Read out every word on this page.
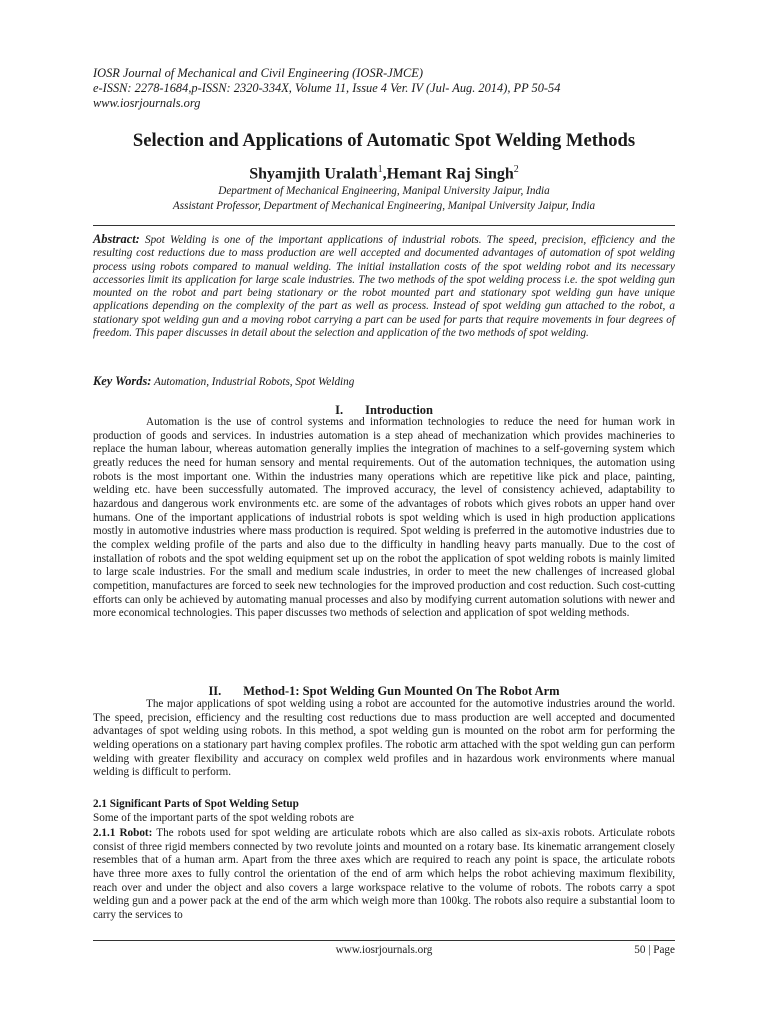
IOSR Journal of Mechanical and Civil Engineering (IOSR-JMCE)
e-ISSN: 2278-1684,p-ISSN: 2320-334X, Volume 11, Issue 4 Ver. IV (Jul- Aug. 2014), PP 50-54
www.iosrjournals.org
Selection and Applications of Automatic Spot Welding Methods
Shyamjith Uralath$^1$,Hemant Raj Singh$^2$
Department of Mechanical Engineering, Manipal University Jaipur, India
Assistant Professor, Department of Mechanical Engineering, Manipal University Jaipur, India
Abstract: Spot Welding is one of the important applications of industrial robots. The speed, precision, efficiency and the resulting cost reductions due to mass production are well accepted and documented advantages of automation of spot welding process using robots compared to manual welding. The initial installation costs of the spot welding robot and its necessary accessories limit its application for large scale industries. The two methods of the spot welding process i.e. the spot welding gun mounted on the robot and part being stationary or the robot mounted part and stationary spot welding gun have unique applications depending on the complexity of the part as well as process. Instead of spot welding gun attached to the robot, a stationary spot welding gun and a moving robot carrying a part can be used for parts that require movements in four degrees of freedom. This paper discusses in detail about the selection and application of the two methods of spot welding.
Key Words: Automation, Industrial Robots, Spot Welding
I. Introduction
Automation is the use of control systems and information technologies to reduce the need for human work in production of goods and services. In industries automation is a step ahead of mechanization which provides machineries to replace the human labour, whereas automation generally implies the integration of machines to a self-governing system which greatly reduces the need for human sensory and mental requirements. Out of the automation techniques, the automation using robots is the most important one. Within the industries many operations which are repetitive like pick and place, painting, welding etc. have been successfully automated. The improved accuracy, the level of consistency achieved, adaptability to hazardous and dangerous work environments etc. are some of the advantages of robots which gives robots an upper hand over humans. One of the important applications of industrial robots is spot welding which is used in high production applications mostly in automotive industries where mass production is required. Spot welding is preferred in the automotive industries due to the complex welding profile of the parts and also due to the difficulty in handling heavy parts manually. Due to the cost of installation of robots and the spot welding equipment set up on the robot the application of spot welding robots is mainly limited to large scale industries. For the small and medium scale industries, in order to meet the new challenges of increased global competition, manufactures are forced to seek new technologies for the improved production and cost reduction. Such cost-cutting efforts can only be achieved by automating manual processes and also by modifying current automation solutions with newer and more economical technologies. This paper discusses two methods of selection and application of spot welding methods.
II. Method-1: Spot Welding Gun Mounted On The Robot Arm
The major applications of spot welding using a robot are accounted for the automotive industries around the world. The speed, precision, efficiency and the resulting cost reductions due to mass production are well accepted and documented advantages of spot welding using robots. In this method, a spot welding gun is mounted on the robot arm for performing the welding operations on a stationary part having complex profiles. The robotic arm attached with the spot welding gun can perform welding with greater flexibility and accuracy on complex weld profiles and in hazardous work environments where manual welding is difficult to perform.
2.1 Significant Parts of Spot Welding Setup
Some of the important parts of the spot welding robots are
2.1.1 Robot: The robots used for spot welding are articulate robots which are also called as six-axis robots. Articulate robots consist of three rigid members connected by two revolute joints and mounted on a rotary base. Its kinematic arrangement closely resembles that of a human arm. Apart from the three axes which are required to reach any point is space, the articulate robots have three more axes to fully control the orientation of the end of arm which helps the robot achieving maximum flexibility, reach over and under the object and also covers a large workspace relative to the volume of robots. The robots carry a spot welding gun and a power pack at the end of the arm which weigh more than 100kg. The robots also require a substantial loom to carry the services to
www.iosrjournals.org	50 | Page
